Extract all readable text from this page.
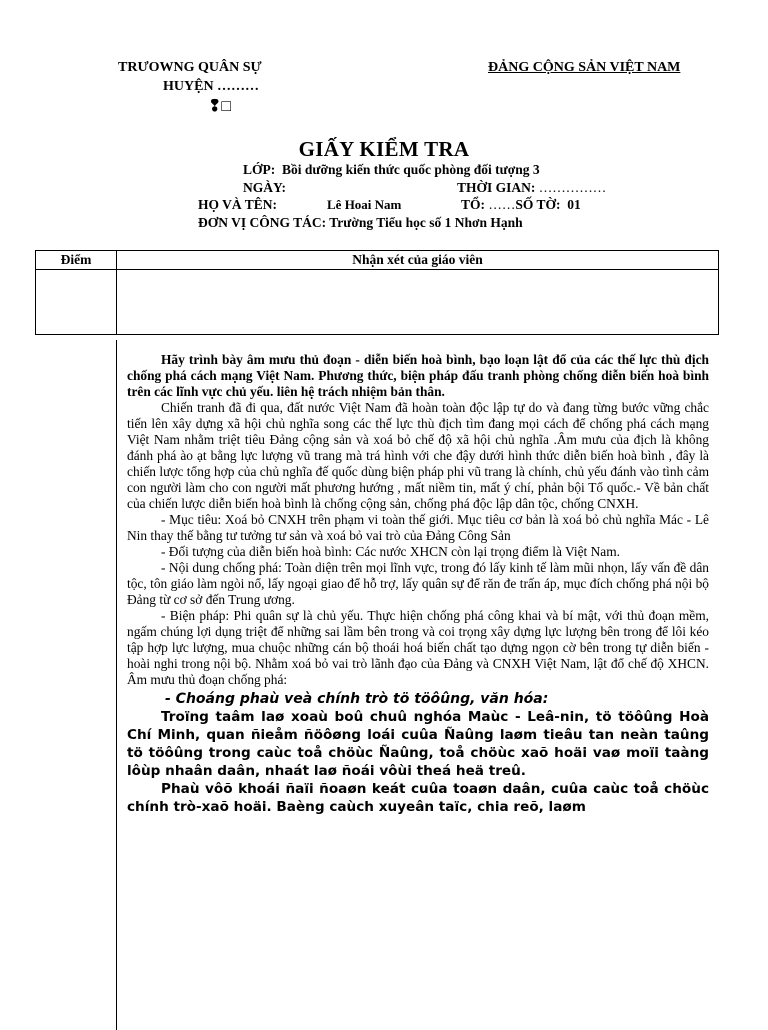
TRƯOWNG QUÂN SỰ
HUYỆN ………
❢□
ĐẢNG CỘNG SẢN VIỆT NAM
GIẤY KIỂM TRA
LỚP: Bồi dưỡng kiến thức quốc phòng đối tượng 3
NGÀY:	THỜI GIAN: ……………
HỌ VÀ TÊN:	Lê Hoai Nam	TỔ: ……SỐ TỜ: 01
ĐƠN VỊ CÔNG TÁC: Trường Tiểu học số 1 Nhơn Hạnh
Điểm	Nhận xét của giáo viên

Hãy trình bày âm mưu thủ đoạn - diễn biến hoà bình, bạo loạn lật đổ của các thế lực thù địch chống phá cách mạng Việt Nam. Phương thức, biện pháp đấu tranh phòng chống diễn biến hoà bình trên các lĩnh vực chủ yếu. liên hệ trách nhiệm bản thân.

Chiến tranh đã đi qua, đất nước Việt Nam đã hoàn toàn độc lập tự do và đang từng bước vững chắc tiến lên xây dựng xã hội chủ nghĩa song các thế lực thù địch tìm đang mọi cách để chống phá cách mạng Việt Nam nhằm triệt tiêu Đảng cộng sản và xoá bỏ chế độ xã hội chủ nghĩa .Âm mưu của địch là không đánh phá ào ạt bằng lực lượng vũ trang mà trá hình với che đậy dưới hình thức diễn biến hoà bình , đây là chiến lược tổng hợp của chủ nghĩa đế quốc dùng biện pháp phi vũ trang là chính, chủ yếu đánh vào tình cảm con người làm cho con người mất phương hướng , mất niềm tin, mất ý chí, phản bội Tổ quốc.- Về bản chất của chiến lược diễn biến hoà bình là chống cộng sản, chống phá độc lập dân tộc, chống CNXH.

- Mục tiêu: Xoá bỏ CNXH trên phạm vi toàn thế giới. Mục tiêu cơ bản là xoá bỏ chủ nghĩa Mác - Lê Nin thay thế bằng tư tưởng tư sản và xoá bỏ vai trò của Đảng Công Sản

- Đối tượng của diễn biến hoà bình: Các nước XHCN còn lại trọng điểm là Việt Nam.

- Nội dung chống phá: Toàn diện trên mọi lĩnh vực, trong đó lấy kinh tế làm mũi nhọn, lấy vấn đề dân tộc, tôn giáo làm ngòi nổ, lấy ngoại giao để hỗ trợ, lấy quân sự để răn đe trấn áp, mục đích chống phá nội bộ Đảng từ cơ sở đến Trung ương.

- Biện pháp: Phi quân sự là chủ yếu. Thực hiện chống phá công khai và bí mật, với thủ đoạn mềm, ngấm chúng lợi dụng triệt để những sai lầm bên trong và coi trọng xây dựng lực lượng bên trong để lôi kéo tập hợp lực lượng, mua chuộc những cán bộ thoái hoá biến chất tạo dựng ngọn cờ bên trong tự diễn biến - hoài nghi trong nội bộ. Nhằm xoá bỏ vai trò lãnh đạo của Đảng và CNXH Việt Nam, lật đổ chế độ XHCN. Âm mưu thủ đoạn chống phá:

- Choáng phaù veà chính trò tö töôûng, văn hóa:

Troïng taâm laø xoaù boû chuû nghóa Maùc - Leâ-nin, tö töôûng Hoà Chí Minh, quan ñieåm ñöôøng loái cuûa Ñaûng laøm tieâu tan neàn taûng tö töôûng trong caùc toå chöùc Ñaûng, toå chöùc xaõ hoäi vaø moïi taàng lôùp nhaân daân, nhaát laø ñoái vôùi theá heä treû.

Phaù vôõ khoái ñaïi ñoaøn keát cuûa toaøn daân, cuûa caùc toå chöùc chính trò-xaõ hoäi. Baèng caùch xuyeân taïc, chia reõ, laøm
